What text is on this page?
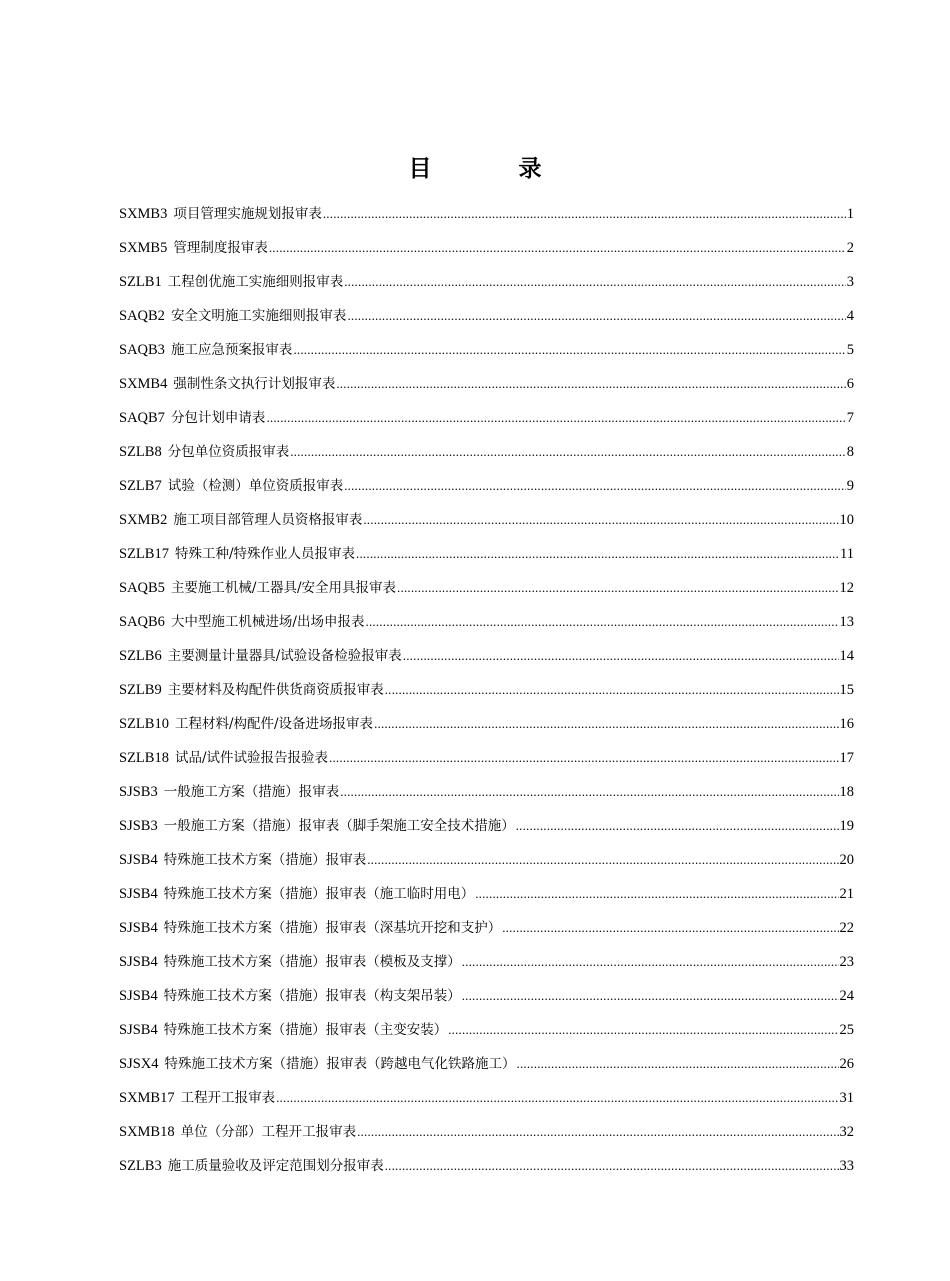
目　录
SXMB3 项目管理实施规划报审表 .....	1
SXMB5 管理制度报审表 .....	2
SZLB1 工程创优施工实施细则报审表 .....	3
SAQB2 安全文明施工实施细则报审表 .....	4
SAQB3 施工应急预案报审表 .....	5
SXMB4 强制性条文执行计划报审表 .....	6
SAQB7 分包计划申请表 .....	7
SZLB8 分包单位资质报审表 .....	8
SZLB7 试验（检测）单位资质报审表 .....	9
SXMB2 施工项目部管理人员资格报审表 .....	10
SZLB17 特殊工种/特殊作业人员报审表 .....	11
SAQB5 主要施工机械/工器具/安全用具报审表 .....	12
SAQB6 大中型施工机械进场/出场申报表 .....	13
SZLB6 主要测量计量器具/试验设备检验报审表 .....	14
SZLB9 主要材料及构配件供货商资质报审表 .....	15
SZLB10 工程材料/构配件/设备进场报审表 .....	16
SZLB18 试品/试件试验报告报验表 .....	17
SJSB3 一般施工方案（措施）报审表 .....	18
SJSB3 一般施工方案（措施）报审表（脚手架施工安全技术措施） .....	19
SJSB4 特殊施工技术方案（措施）报审表 .....	20
SJSB4 特殊施工技术方案（措施）报审表（施工临时用电） .....	21
SJSB4 特殊施工技术方案（措施）报审表（深基坑开挖和支护） .....	22
SJSB4 特殊施工技术方案（措施）报审表（模板及支撑） .....	23
SJSB4 特殊施工技术方案（措施）报审表（构支架吊装） .....	24
SJSB4 特殊施工技术方案（措施）报审表（主变安装） .....	25
SJSX4 特殊施工技术方案（措施）报审表（跨越电气化铁路施工） .....	26
SXMB17 工程开工报审表 .....	31
SXMB18 单位（分部）工程开工报审表 .....	32
SZLB3 施工质量验收及评定范围划分报审表 .....	33
